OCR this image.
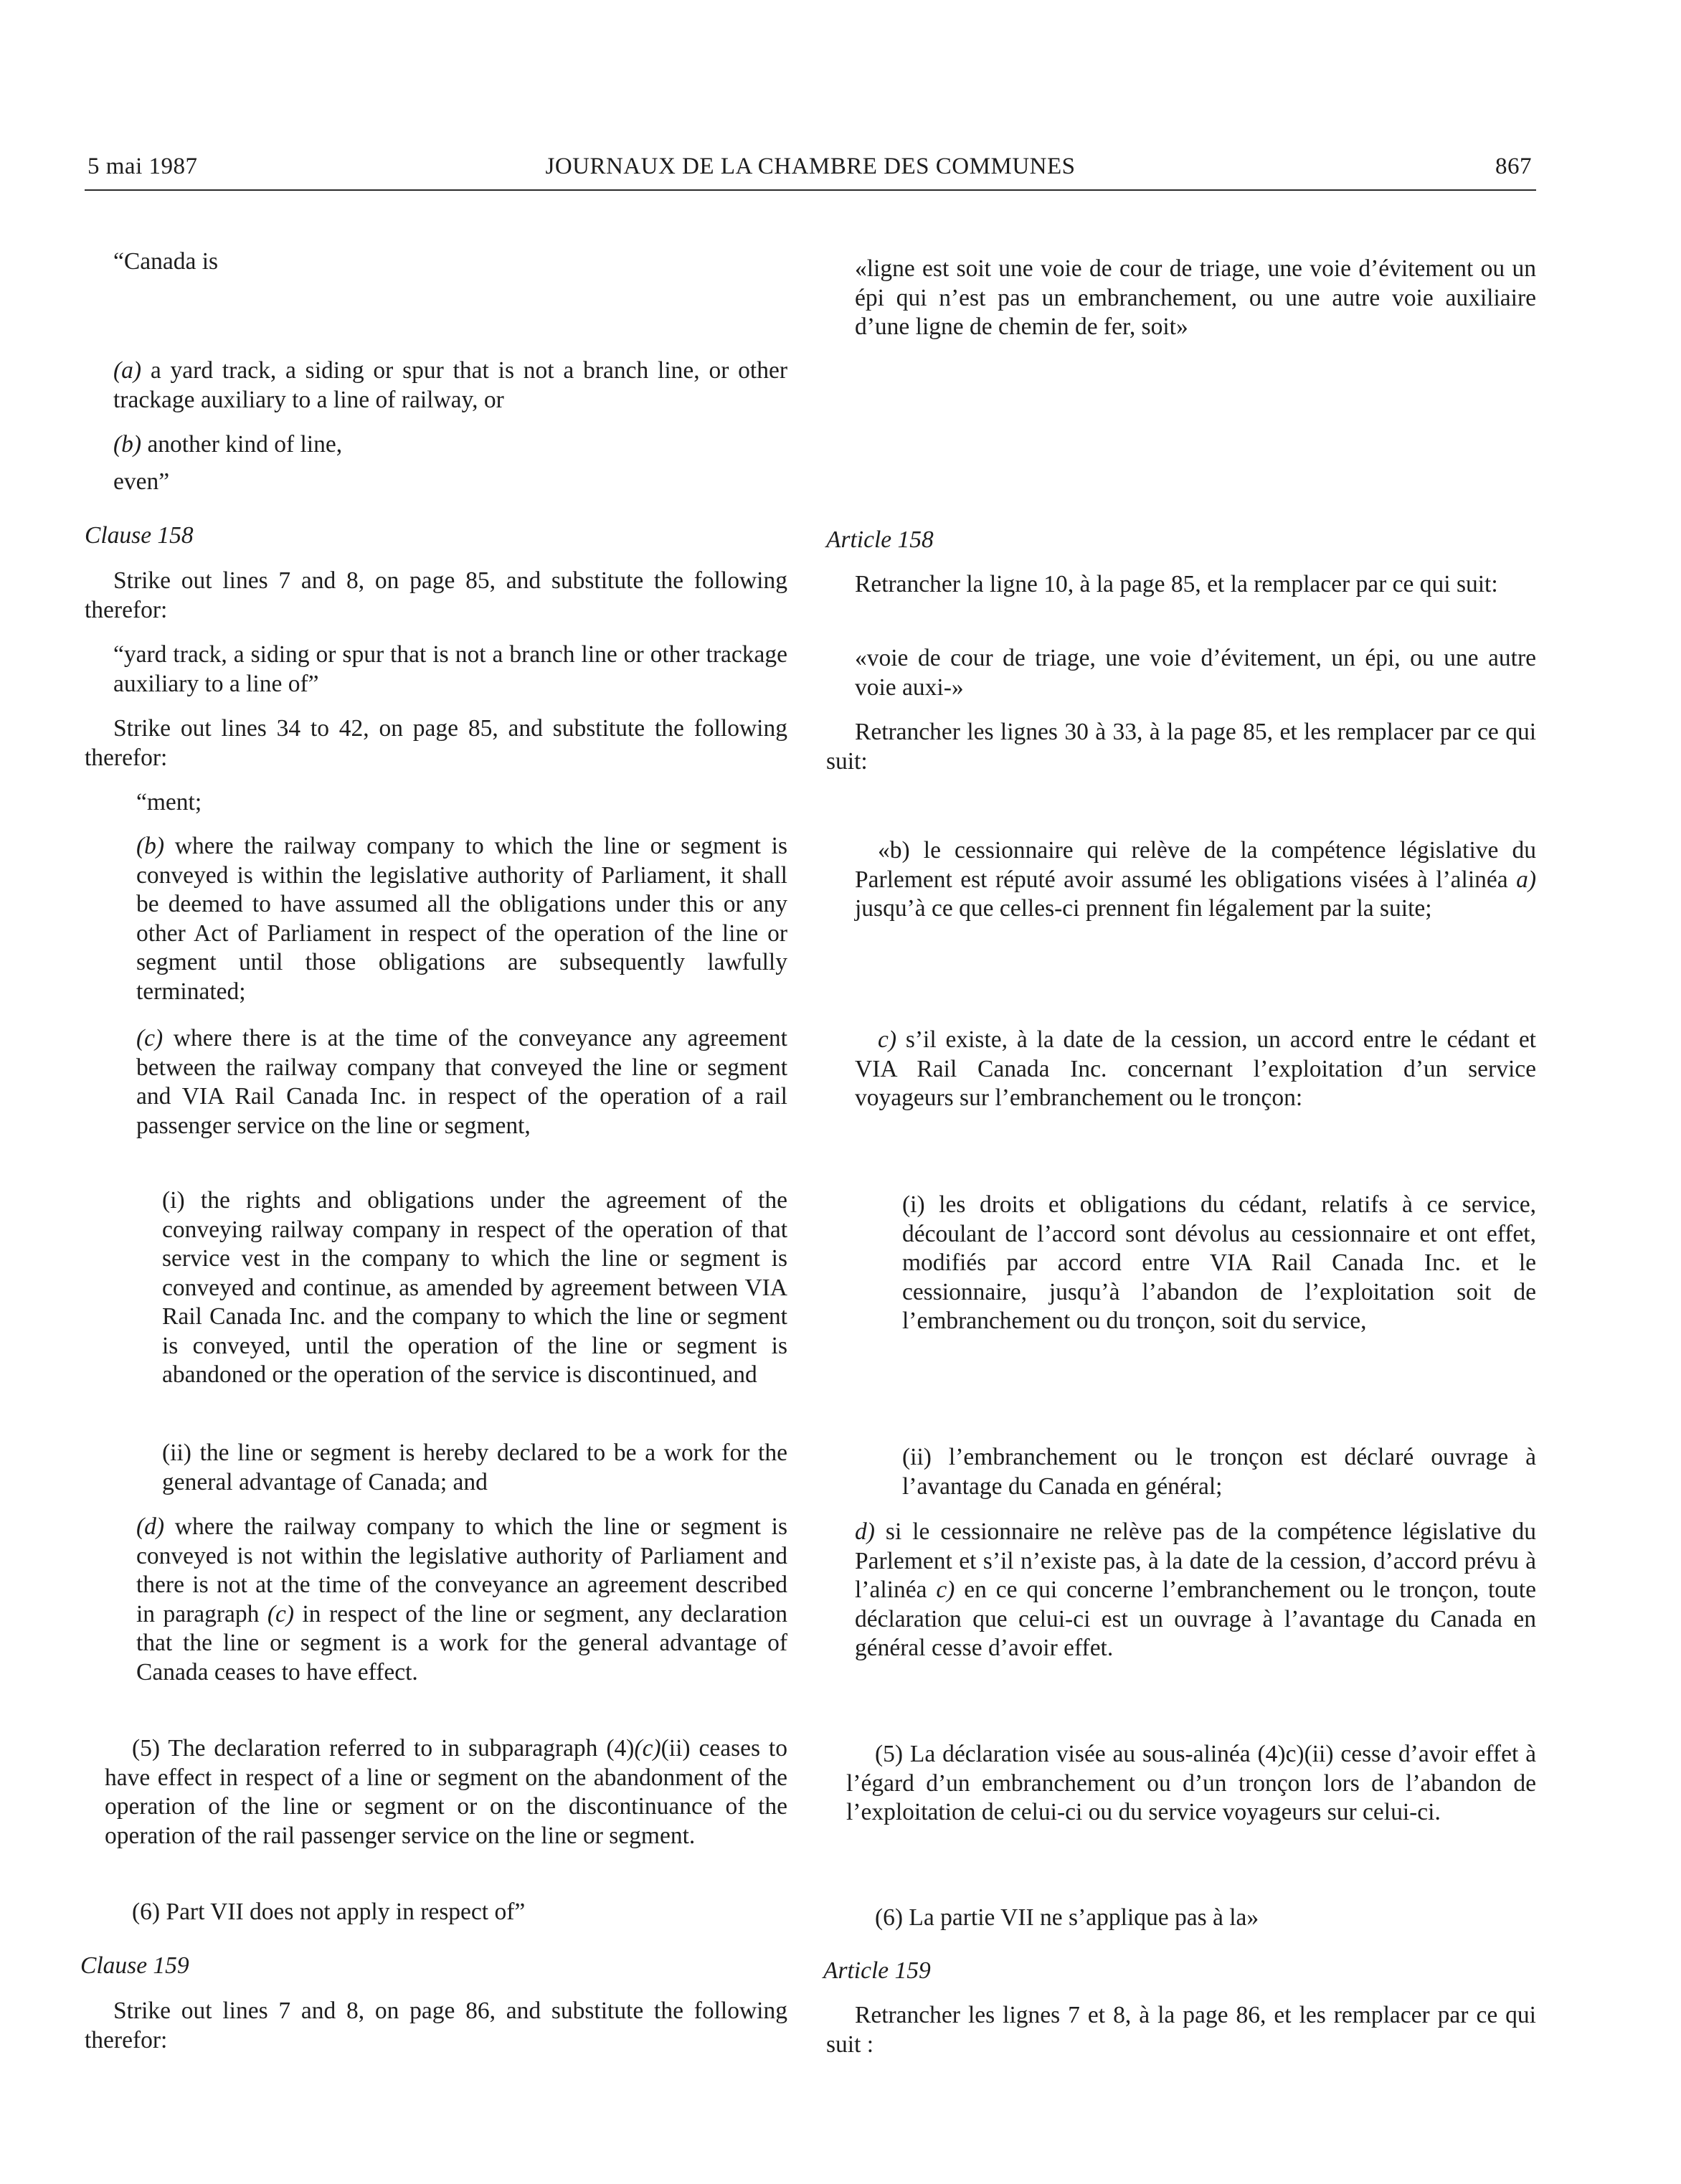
5 mai 1987	JOURNAUX DE LA CHAMBRE DES COMMUNES	867

“Canada is

(a) a yard track, a siding or spur that is not a branch line, or other trackage auxiliary to a line of railway, or

(b) another kind of line,

even”

Clause 158

Strike out lines 7 and 8, on page 85, and substitute the following therefor:

“yard track, a siding or spur that is not a branch line or other trackage auxiliary to a line of”

Strike out lines 34 to 42, on page 85, and substitute the following therefor:

“ment;

(b) where the railway company to which the line or segment is conveyed is within the legislative authority of Parliament, it shall be deemed to have assumed all the obligations under this or any other Act of Parliament in respect of the operation of the line or segment until those obligations are subsequently lawfully terminated;

(c) where there is at the time of the conveyance any agreement between the railway company that conveyed the line or segment and VIA Rail Canada Inc. in respect of the operation of a rail passenger service on the line or segment,

(i) the rights and obligations under the agreement of the conveying railway company in respect of the operation of that service vest in the company to which the line or segment is conveyed and continue, as amended by agreement between VIA Rail Canada Inc. and the company to which the line or segment is conveyed, until the operation of the line or segment is abandoned or the operation of the service is discontinued, and

(ii) the line or segment is hereby declared to be a work for the general advantage of Canada; and

(d) where the railway company to which the line or segment is conveyed is not within the legislative authority of Parliament and there is not at the time of the conveyance an agreement described in paragraph (c) in respect of the line or segment, any declaration that the line or segment is a work for the general advantage of Canada ceases to have effect.

(5) The declaration referred to in subparagraph (4)(c)(ii) ceases to have effect in respect of a line or segment on the abandonment of the operation of the line or segment or on the discontinuance of the operation of the rail passenger service on the line or segment.

(6) Part VII does not apply in respect of”

Clause 159

Strike out lines 7 and 8, on page 86, and substitute the following therefor:

«ligne est soit une voie de cour de triage, une voie d’évitement ou un épi qui n’est pas un embranchement, ou une autre voie auxiliaire d’une ligne de chemin de fer, soit»

Article 158

Retrancher la ligne 10, à la page 85, et la remplacer par ce qui suit:

«voie de cour de triage, une voie d’évitement, un épi, ou une autre voie auxi-»

Retrancher les lignes 30 à 33, à la page 85, et les remplacer par ce qui suit:

«b) le cessionnaire qui relève de la compétence législative du Parlement est réputé avoir assumé les obligations visées à l’alinéa a) jusqu’à ce que celles-ci prennent fin légalement par la suite;

c) s’il existe, à la date de la cession, un accord entre le cédant et VIA Rail Canada Inc. concernant l’exploitation d’un service voyageurs sur l’embranchement ou le tronçon:

(i) les droits et obligations du cédant, relatifs à ce service, découlant de l’accord sont dévolus au cessionnaire et ont effet, modifiés par accord entre VIA Rail Canada Inc. et le cessionnaire, jusqu’à l’abandon de l’exploitation soit de l’embranchement ou du tronçon, soit du service,

(ii) l’embranchement ou le tronçon est déclaré ouvrage à l’avantage du Canada en général;

d) si le cessionnaire ne relève pas de la compétence législative du Parlement et s’il n’existe pas, à la date de la cession, d’accord prévu à l’alinéa c) en ce qui concerne l’embranchement ou le tronçon, toute déclaration que celui-ci est un ouvrage à l’avantage du Canada en général cesse d’avoir effet.

(5) La déclaration visée au sous-alinéa (4)c)(ii) cesse d’avoir effet à l’égard d’un embranchement ou d’un tronçon lors de l’abandon de l’exploitation de celui-ci ou du service voyageurs sur celui-ci.

(6) La partie VII ne s’applique pas à la»

Article 159

Retrancher les lignes 7 et 8, à la page 86, et les remplacer par ce qui suit :
